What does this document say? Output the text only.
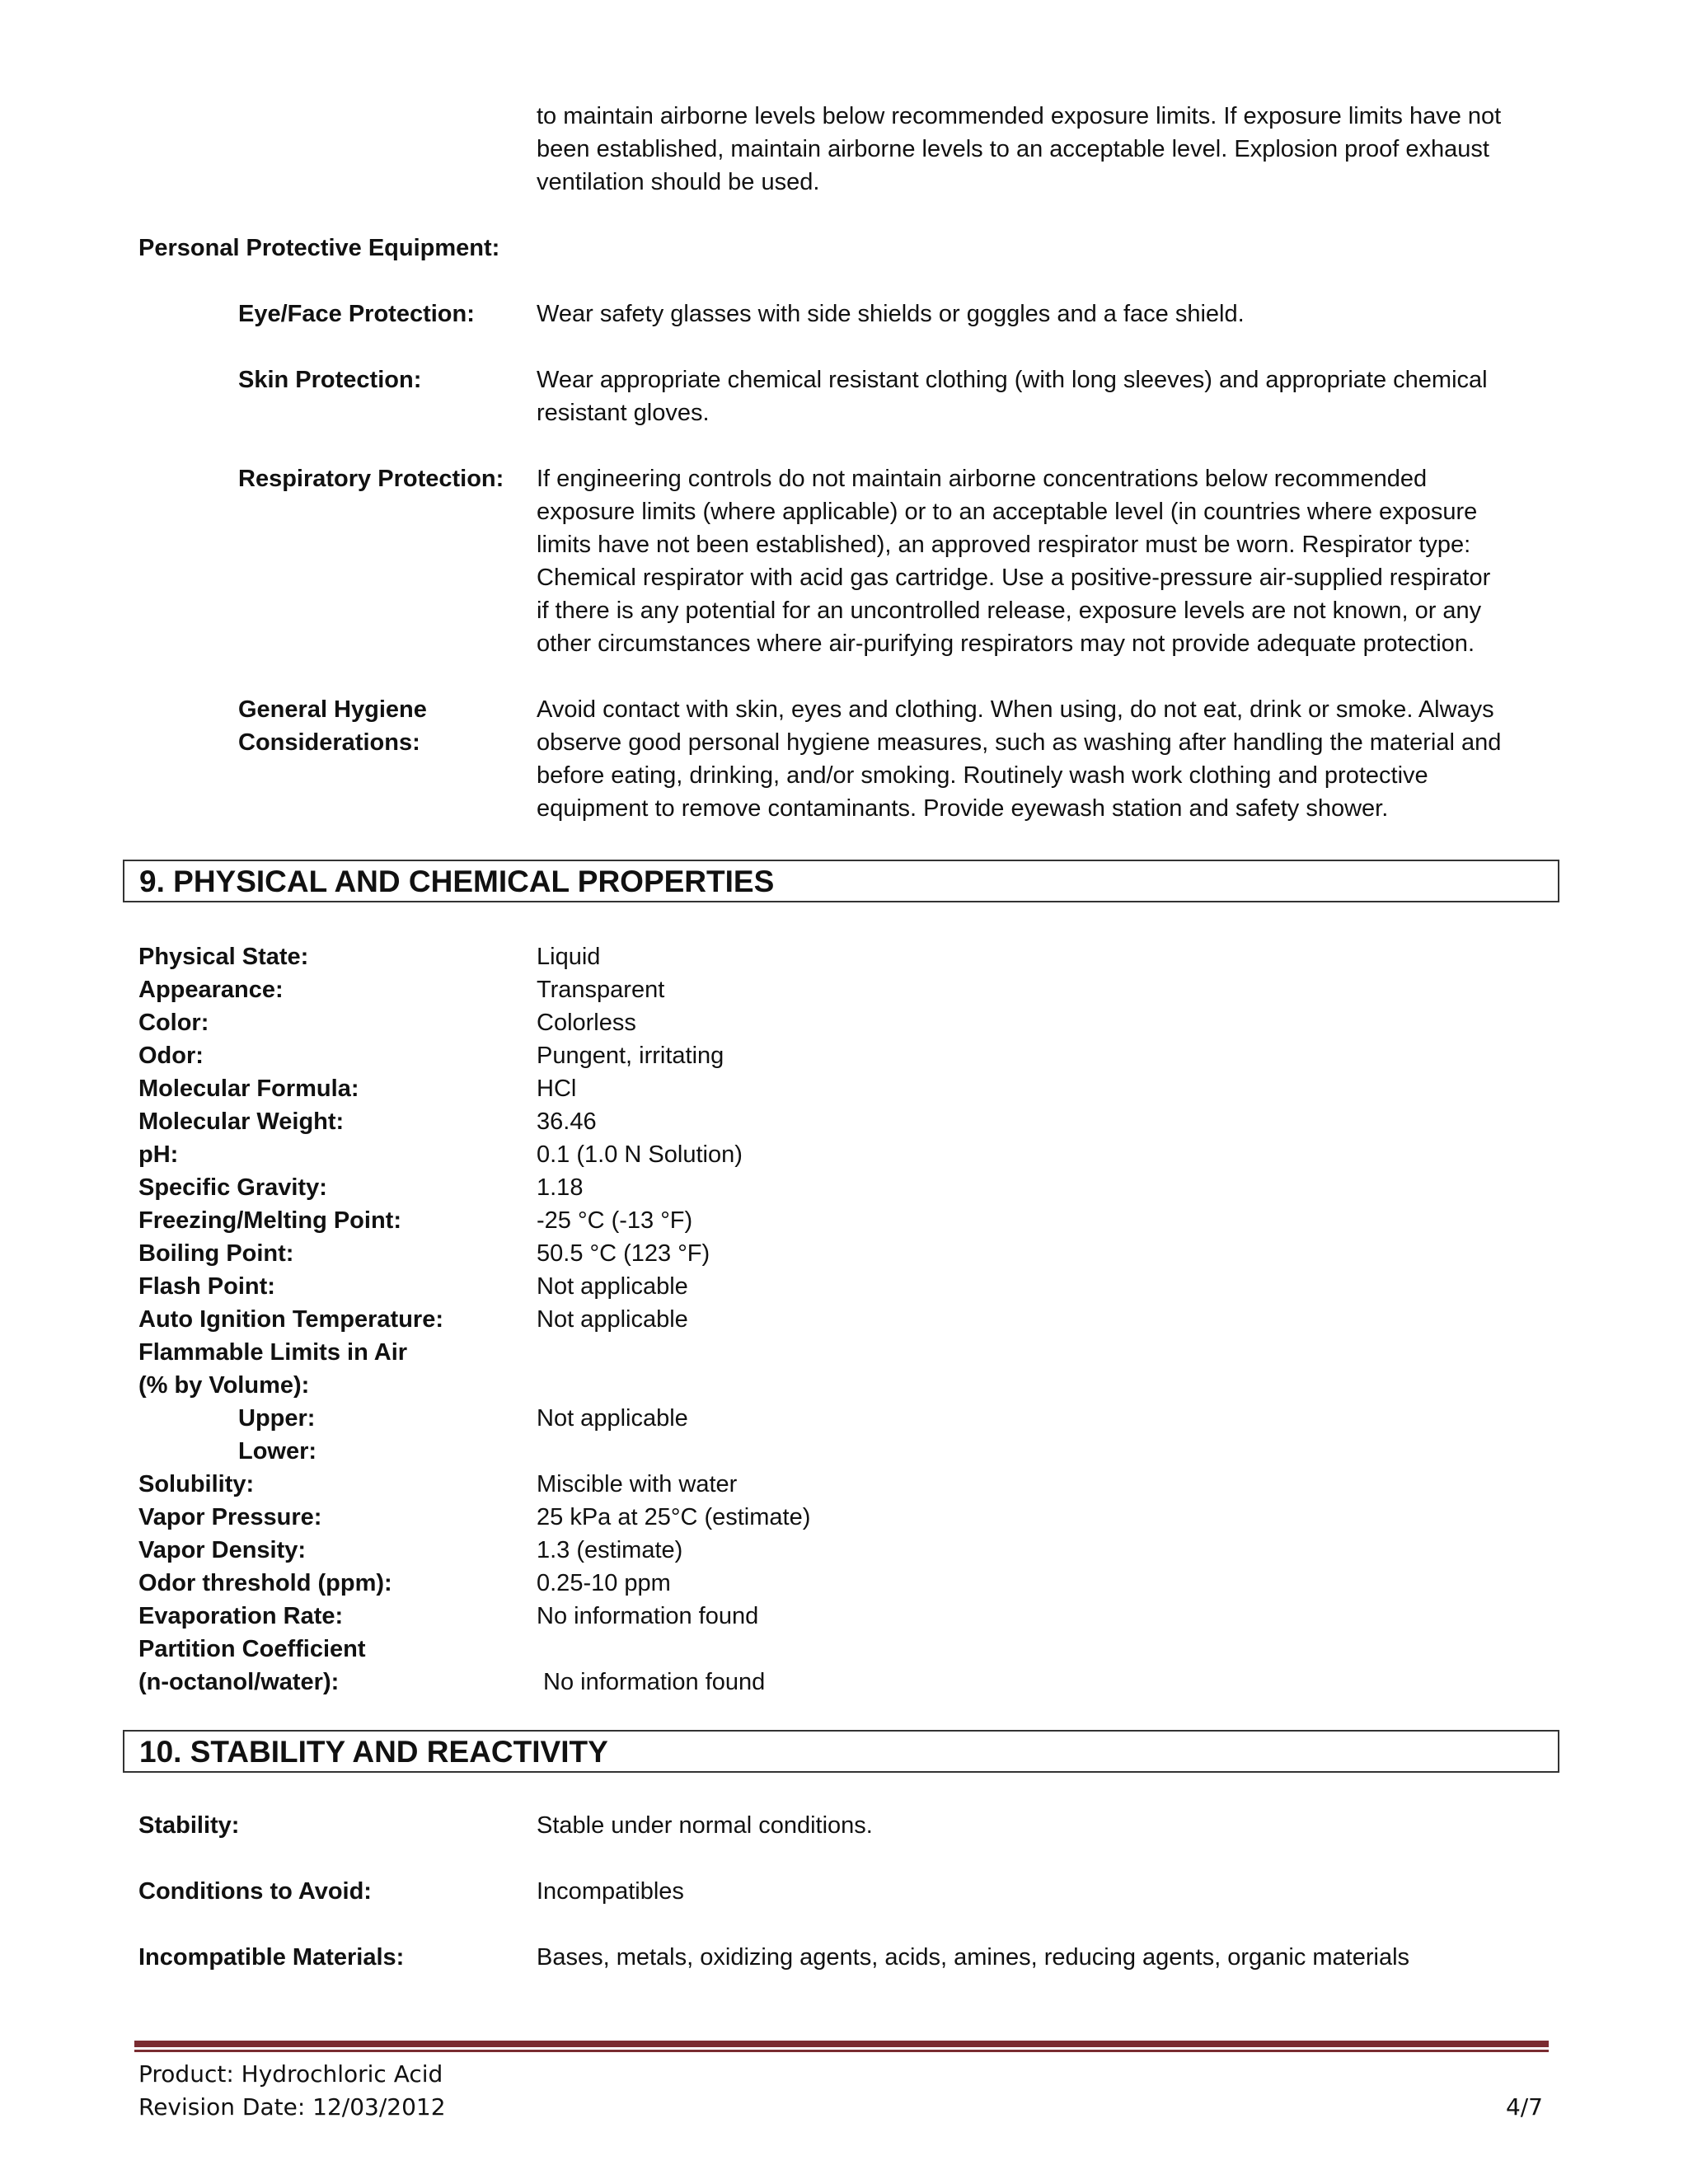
to maintain airborne levels below recommended exposure limits. If exposure limits have not
been established, maintain airborne levels to an acceptable level. Explosion proof exhaust
ventilation should be used.
Personal Protective Equipment:
Eye/Face Protection:	Wear safety glasses with side shields or goggles and a face shield.
Skin Protection:	Wear appropriate chemical resistant clothing (with long sleeves) and appropriate chemical
resistant gloves.
Respiratory Protection: If engineering controls do not maintain airborne concentrations below recommended
exposure limits (where applicable) or to an acceptable level (in countries where exposure
limits have not been established), an approved respirator must be worn. Respirator type:
Chemical respirator with acid gas cartridge. Use a positive-pressure air-supplied respirator
if there is any potential for an uncontrolled release, exposure levels are not known, or any
other circumstances where air-purifying respirators may not provide adequate protection.
General Hygiene
Considerations:
Avoid contact with skin, eyes and clothing. When using, do not eat, drink or smoke. Always
observe good personal hygiene measures, such as washing after handling the material and
before eating, drinking, and/or smoking. Routinely wash work clothing and protective
equipment to remove contaminants. Provide eyewash station and safety shower.
9. PHYSICAL AND CHEMICAL PROPERTIES
Physical State:	Liquid
Appearance:	Transparent
Color:	Colorless
Odor:	Pungent, irritating
Molecular Formula:	HCl
Molecular Weight:	36.46
pH:	0.1 (1.0 N Solution)
Specific Gravity:	1.18
Freezing/Melting Point:	-25 °C (-13 °F)
Boiling Point:	50.5 °C (123 °F)
Flash Point:	Not applicable
Auto Ignition Temperature:	Not applicable
Flammable Limits in Air
(% by Volume):
Upper:	Not applicable
Lower:
Solubility:	Miscible with water
Vapor Pressure:	25 kPa at 25°C (estimate)
Vapor Density:	1.3 (estimate)
Odor threshold (ppm):	0.25-10 ppm
Evaporation Rate:	No information found
Partition Coefficient
(n-octanol/water):	No information found
10. STABILITY AND REACTIVITY
Stability:	Stable under normal conditions.
Conditions to Avoid:	Incompatibles
Incompatible Materials:	Bases, metals, oxidizing agents, acids, amines, reducing agents, organic materials
Product: Hydrochloric Acid
Revision Date: 12/03/2012	4/7
